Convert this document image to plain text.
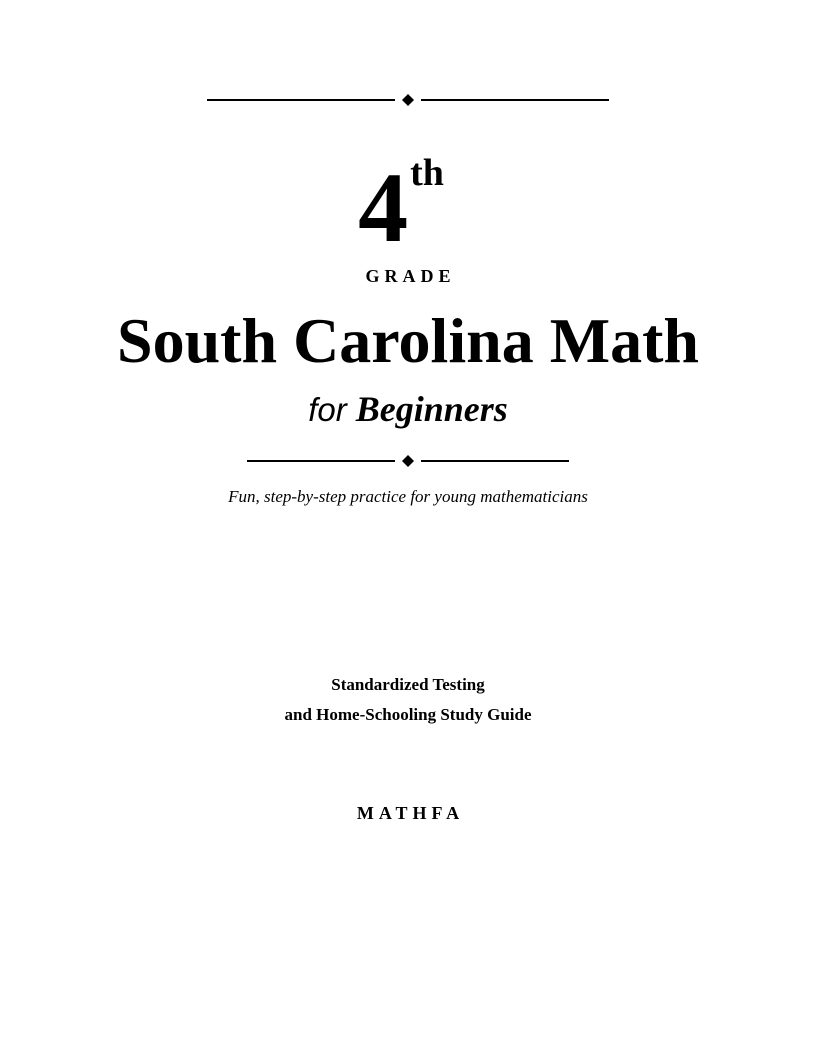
4th
GRADE
South Carolina Math
for Beginners
Fun, step-by-step practice for young mathematicians
Standardized Testing
and Home-Schooling Study Guide
MATHFA
